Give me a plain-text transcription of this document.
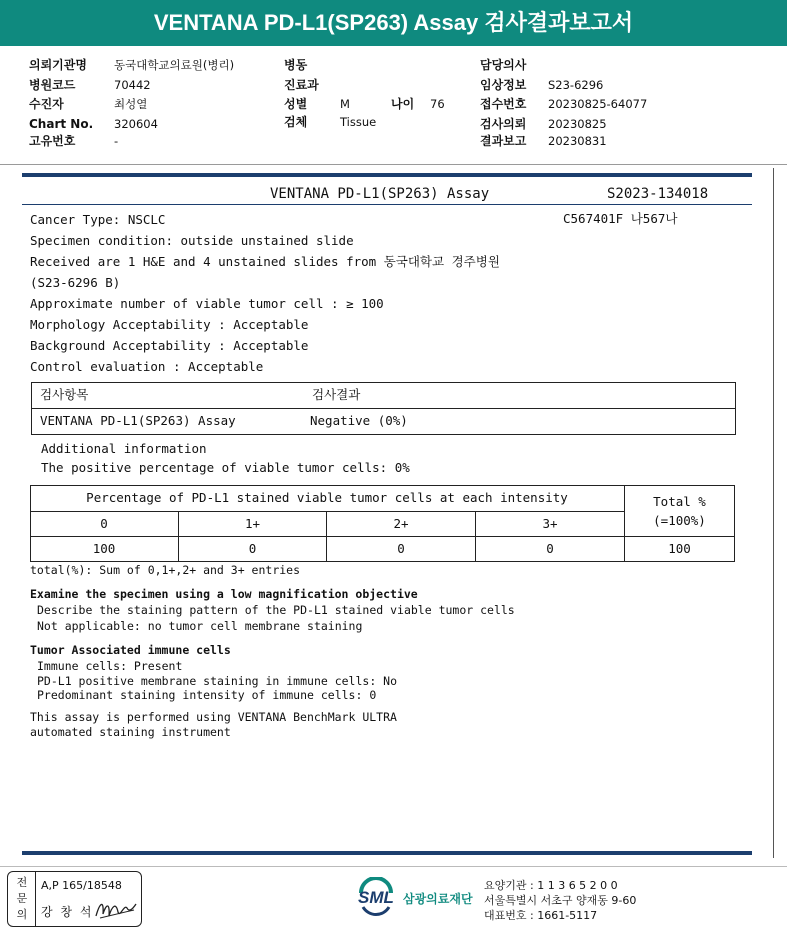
VENTANA PD-L1(SP263) Assay 검사결과보고서
의뢰기관명 동국대학교의료원(병리)
병원코드	70442
수진자	최성열
Chart No. 320604
고유번호	-
병동
진료과
성별	M	나이 76
검체	Tissue
담당의사
임상정보 S23-6296
접수번호 20230825-64077
검사의뢰 20230825
결과보고 20230831
VENTANA PD-L1(SP263) Assay	S2023-134018
C567401F 나567나
Cancer Type: NSCLC
Specimen condition: outside unstained slide
Received are 1 H&E and 4 unstained slides from 동국대학교 경주병원
(S23-6296 B)
Approximate number of viable tumor cell : ≥ 100
Morphology Acceptability : Acceptable
Background Acceptability : Acceptable
Control evaluation : Acceptable
검사항목	검사결과
VENTANA PD-L1(SP263) Assay	Negative (0%)
Additional information
The positive percentage of viable tumor cells: 0%
Percentage of PD-L1 stained viable tumor cells at each intensity	Total %
(=100%)
0	1+	2+	3+
100	0	0	0	100
total(%): Sum of 0,1+,2+ and 3+ entries
Examine the specimen using a low magnification objective
Describe the staining pattern of the PD-L1 stained viable tumor cells
Not applicable: no tumor cell membrane staining
Tumor Associated immune cells
Immune cells: Present
PD-L1 positive membrane staining in immune cells: No
Predominant staining intensity of immune cells: 0
This assay is performed using VENTANA BenchMark ULTRA
automated staining instrument
전문의
A,P 165/18548
강 창 석
SML 삼광의료재단
요양기관 : 1 1 3 6 5 2 0 0
서울특별시 서초구 양재동 9-60
대표번호 : 1661-5117
